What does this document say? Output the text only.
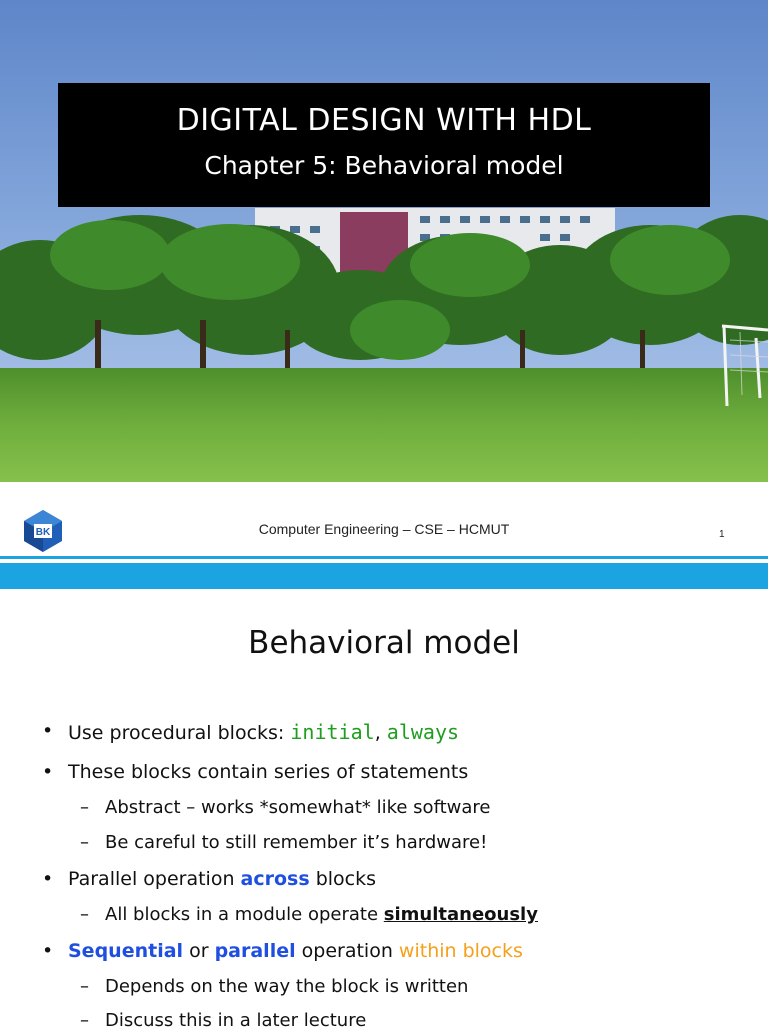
DIGITAL DESIGN WITH HDL
Chapter 5: Behavioral model
BK	Computer Engineering – CSE – HCMUT	1
Behavioral model
• Use procedural blocks: initial, always
• These blocks contain series of statements
– Abstract – works *somewhat* like software
– Be careful to still remember it’s hardware!
• Parallel operation across blocks
– All blocks in a module operate simultaneously
• Sequential or parallel operation within blocks
– Depends on the way the block is written
– Discuss this in a later lecture
